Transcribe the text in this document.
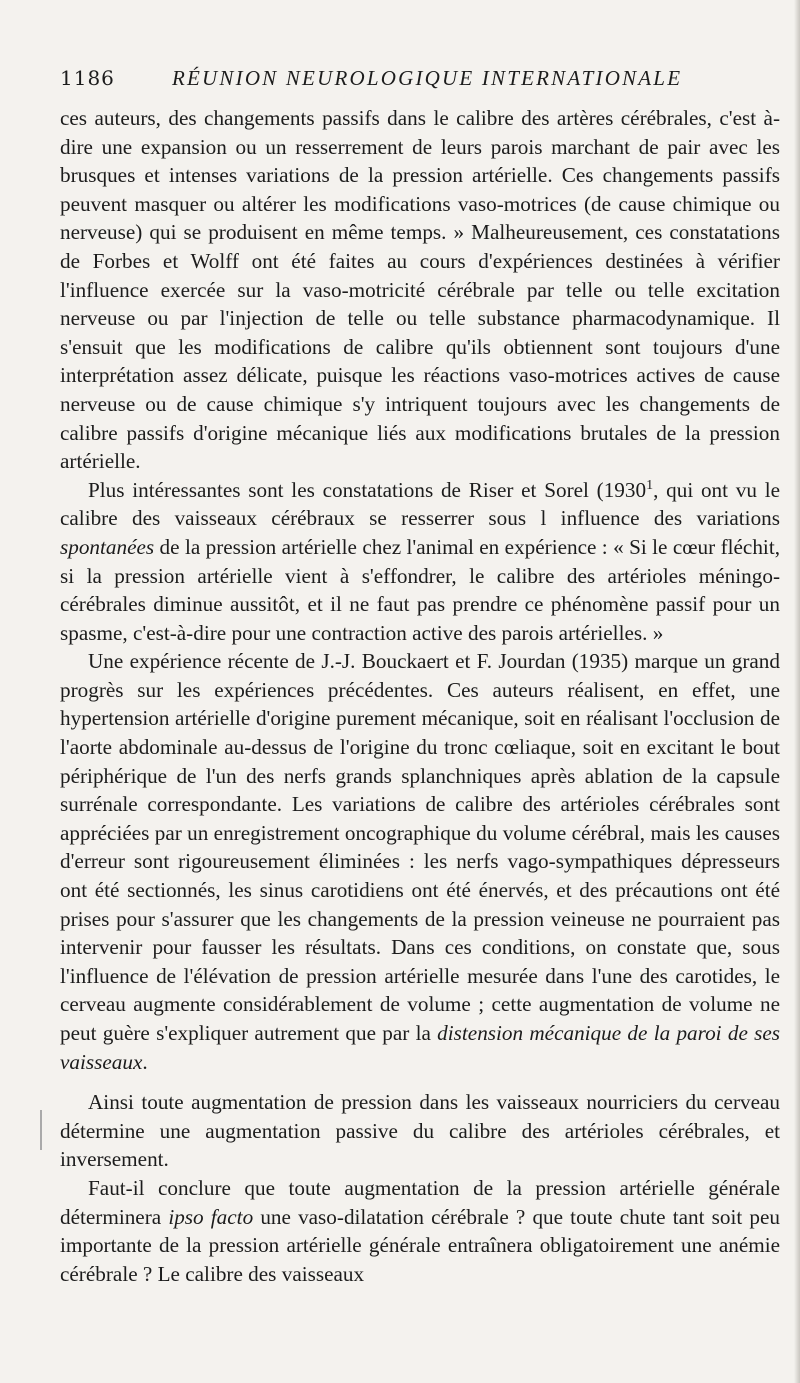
1186	RÉUNION NEUROLOGIQUE INTERNATIONALE

ces auteurs, des changements passifs dans le calibre des artères cérébrales, c'est à-dire une expansion ou un resserrement de leurs parois marchant de pair avec les brusques et intenses variations de la pression artérielle. Ces changements passifs peuvent masquer ou altérer les modifications vaso-motrices (de cause chimique ou nerveuse) qui se produisent en même temps. » Malheureusement, ces constatations de Forbes et Wolff ont été faites au cours d'expériences destinées à vérifier l'influence exercée sur la vaso-motricité cérébrale par telle ou telle excitation nerveuse ou par l'injection de telle ou telle substance pharmacodynamique. Il s'ensuit que les modifications de calibre qu'ils obtiennent sont toujours d'une interprétation assez délicate, puisque les réactions vaso-motrices actives de cause nerveuse ou de cause chimique s'y intriquent toujours avec les changements de calibre passifs d'origine mécanique liés aux modifications brutales de la pression artérielle.

Plus intéressantes sont les constatations de Riser et Sorel (1930$^1$, qui ont vu le calibre des vaisseaux cérébraux se resserrer sous l influence des variations spontanées de la pression artérielle chez l'animal en expérience : « Si le cœur fléchit, si la pression artérielle vient à s'effondrer, le calibre des artérioles méningo-cérébrales diminue aussitôt, et il ne faut pas prendre ce phénomène passif pour un spasme, c'est-à-dire pour une contraction active des parois artérielles. »

Une expérience récente de J.-J. Bouckaert et F. Jourdan (1935) marque un grand progrès sur les expériences précédentes. Ces auteurs réalisent, en effet, une hypertension artérielle d'origine purement mécanique, soit en réalisant l'occlusion de l'aorte abdominale au-dessus de l'origine du tronc cœliaque, soit en excitant le bout périphérique de l'un des nerfs grands splanchniques après ablation de la capsule surrénale correspondante. Les variations de calibre des artérioles cérébrales sont appréciées par un enregistrement oncographique du volume cérébral, mais les causes d'erreur sont rigoureusement éliminées : les nerfs vago-sympathiques dépresseurs ont été sectionnés, les sinus carotidiens ont été énervés, et des précautions ont été prises pour s'assurer que les changements de la pression veineuse ne pourraient pas intervenir pour fausser les résultats. Dans ces conditions, on constate que, sous l'influence de l'élévation de pression artérielle mesurée dans l'une des carotides, le cerveau augmente considérablement de volume ; cette augmentation de volume ne peut guère s'expliquer autrement que par la distension mécanique de la paroi de ses vaisseaux.

Ainsi toute augmentation de pression dans les vaisseaux nourriciers du cerveau détermine une augmentation passive du calibre des artérioles cérébrales, et inversement.

Faut-il conclure que toute augmentation de la pression artérielle générale déterminera ipso facto une vaso-dilatation cérébrale ? que toute chute tant soit peu importante de la pression artérielle générale entraînera obligatoirement une anémie cérébrale ? Le calibre des vaisseaux
